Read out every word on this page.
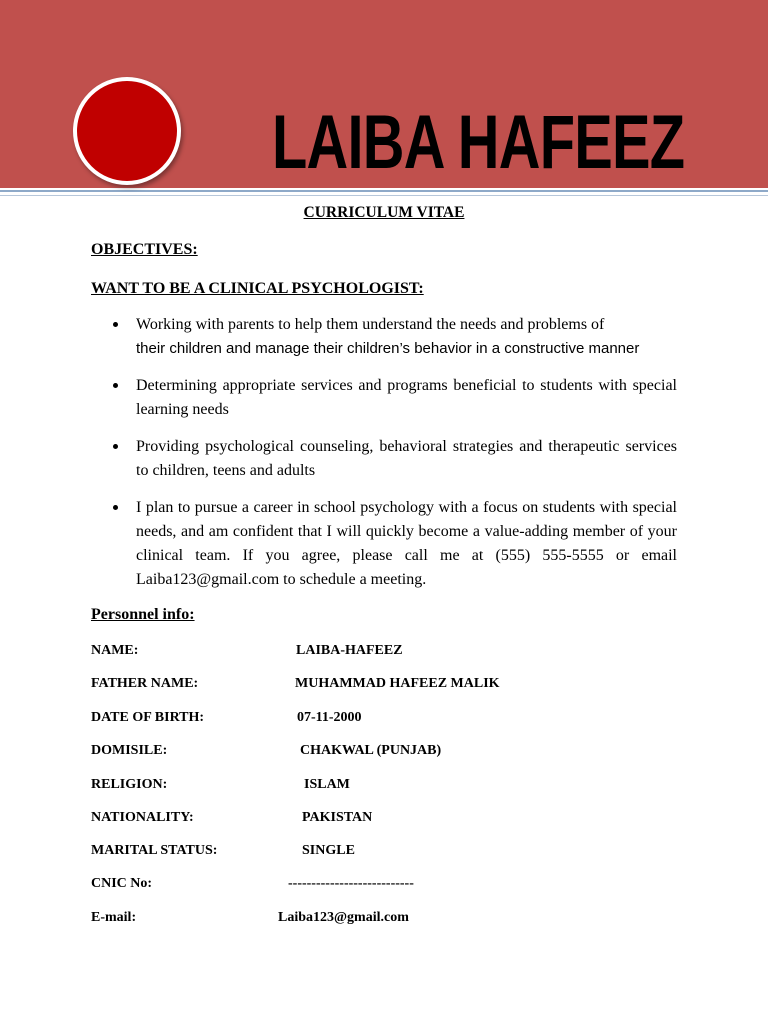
LAIBA HAFEEZ
CURRICULUM VITAE
OBJECTIVES:
WANT TO BE A CLINICAL PSYCHOLOGIST:
Working with parents to help them understand the needs and problems of
their children and manage their children’s behavior in a constructive manner
Determining appropriate services and programs beneficial to students with special learning needs
Providing psychological counseling, behavioral strategies and therapeutic services to children, teens and adults
I plan to pursue a career in school psychology with a focus on students with special needs, and am confident that I will quickly become a value-adding member of your clinical team. If you agree, please call me at (555) 555-5555 or email Laiba123@gmail.com to schedule a meeting.
Personnel info:
NAME:	LAIBA-HAFEEZ
FATHER NAME:	MUHAMMAD HAFEEZ MALIK
DATE OF BIRTH:	07-11-2000
DOMISILE:	CHAKWAL (PUNJAB)
RELIGION:	ISLAM
NATIONALITY:	PAKISTAN
MARITAL STATUS:	SINGLE
CNIC No:	---------------------------
E-mail:	Laiba123@gmail.com
